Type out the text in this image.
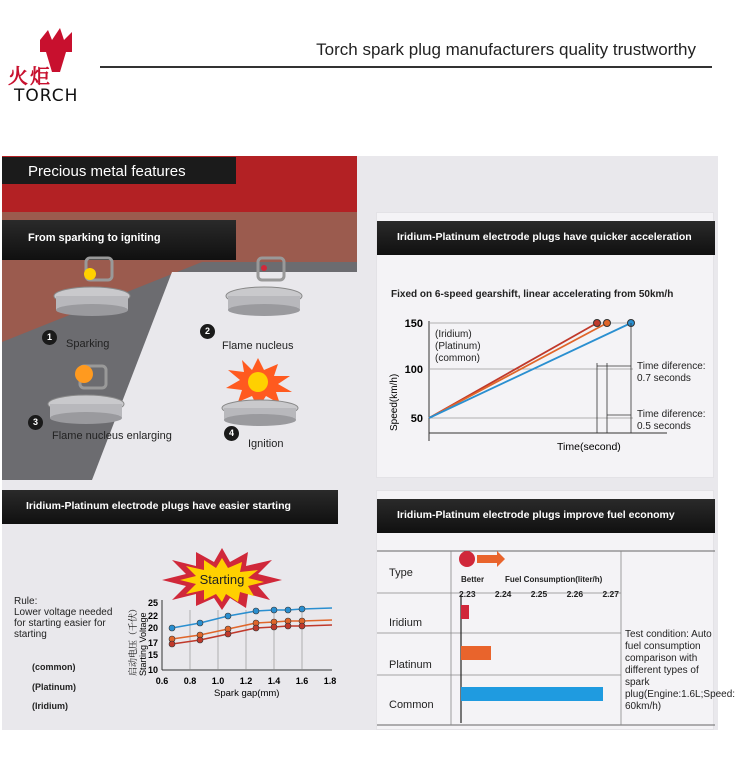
火炬
TORCH
Torch spark plug manufacturers quality trustworthy
Precious metal features
From sparking to igniting
1
Sparking
2
Flame nucleus
3
Flame nucleus enlarging	4
Ignition
Iridium-Platinum electrode plugs have quicker acceleration
Fixed on 6-speed gearshift, linear accelerating from 50km/h
150
100
50
Speed(km/h)
Time(second)
(Iridium)
(Platinum)
(common)
Time diference:
0.7 seconds
Time diference:
0.5 seconds
Iridium-Platinum electrode plugs have easier starting
Starting
Rule:
Lower voltage needed
for starting easier for
starting
(common)
(Platinum)
(Iridium)
启动电压（千伏） Starting Voltage
25
22
20
17
15
10
0.6 0.8 1.0 1.2 1.4 1.6 1.8
Spark gap(mm)
Iridium-Platinum electrode plugs improve fuel economy
Type
Better	Fuel Consumption(liter/h)
2.23 2.24 2.25 2.26 2.27
Iridium
Platinum
Common
Test condition: Auto fuel consumption comparison with different types of spark plug(Engine:1.6L;Speed: 60km/h)
